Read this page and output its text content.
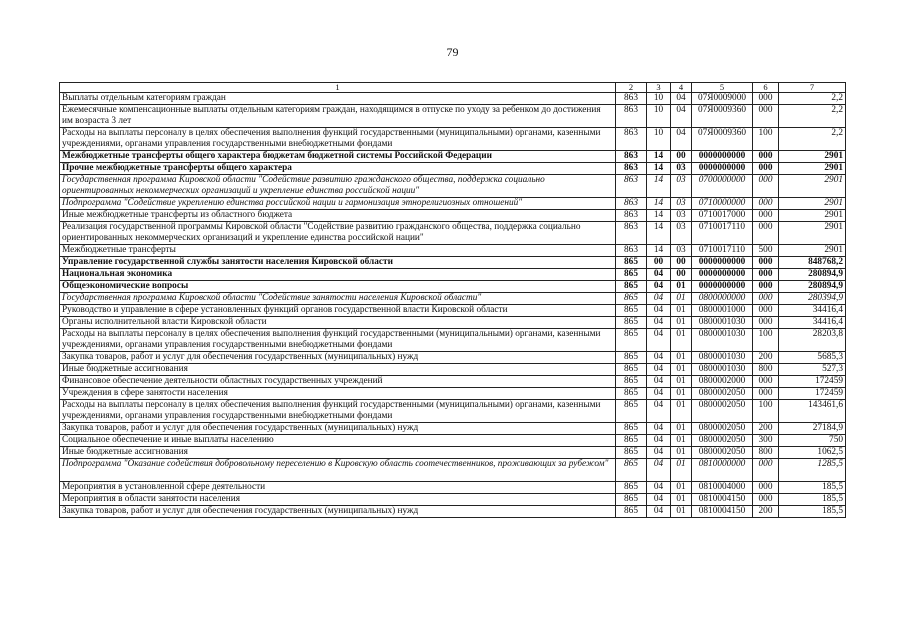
79
1	2	3	4	5	6	7
Выплаты отдельным категориям граждан	863	10	04	07Я0009000	000	2,2
Ежемесячные компенсационные выплаты отдельным категориям граждан, находящимся в отпуске по уходу за ребенком до достижения им возраста 3 лет	863	10	04	07Я0009360	000	2,2
Расходы на выплаты персоналу в целях обеспечения выполнения функций государственными (муниципальными) органами, казенными учреждениями, органами управления государственными внебюджетными фондами	863	10	04	07Я0009360	100	2,2
Межбюджетные трансферты общего характера бюджетам бюджетной системы Российской Федерации	863	14	00	0000000000	000	2901
Прочие межбюджетные трансферты общего характера	863	14	03	0000000000	000	2901
Государственная программа Кировской области "Содействие развитию гражданского общества, поддержка социально ориентированных некоммерческих организаций и укрепление единства российской нации"	863	14	03	0700000000	000	2901
Подпрограмма "Содействие укреплению единства российской нации и гармонизация этнорелигиозных отношений"	863	14	03	0710000000	000	2901
Иные межбюджетные трансферты из областного бюджета	863	14	03	0710017000	000	2901
Реализация государственной программы Кировской области "Содействие развитию гражданского общества, поддержка социально ориентированных некоммерческих организаций и укрепление единства российской нации"	863	14	03	0710017110	000	2901
Межбюджетные трансферты	863	14	03	0710017110	500	2901
Управление государственной службы занятости населения Кировской области	865	00	00	0000000000	000	848768,2
Национальная экономика	865	04	00	0000000000	000	280894,9
Общеэкономические вопросы	865	04	01	0000000000	000	280894,9
Государственная программа Кировской области "Содействие занятости населения Кировской области"	865	04	01	0800000000	000	280394,9
Руководство и управление в сфере установленных функций органов государственной власти Кировской области	865	04	01	0800001000	000	34416,4
Органы исполнительной власти Кировской области	865	04	01	0800001030	000	34416,4
Расходы на выплаты персоналу в целях обеспечения выполнения функций государственными (муниципальными) органами, казенными учреждениями, органами управления государственными внебюджетными фондами	865	04	01	0800001030	100	28203,8
Закупка товаров, работ и услуг для обеспечения государственных (муниципальных) нужд	865	04	01	0800001030	200	5685,3
Иные бюджетные ассигнования	865	04	01	0800001030	800	527,3
Финансовое обеспечение деятельности областных государственных учреждений	865	04	01	0800002000	000	172459
Учреждения в сфере занятости населения	865	04	01	0800002050	000	172459
Расходы на выплаты персоналу в целях обеспечения выполнения функций государственными (муниципальными) органами, казенными учреждениями, органами управления государственными внебюджетными фондами	865	04	01	0800002050	100	143461,6
Закупка товаров, работ и услуг для обеспечения государственных (муниципальных) нужд	865	04	01	0800002050	200	27184,9
Социальное обеспечение и иные выплаты населению	865	04	01	0800002050	300	750
Иные бюджетные ассигнования	865	04	01	0800002050	800	1062,5
Подпрограмма "Оказание содействия добровольному переселению в Кировскую область соотечественников, проживающих за рубежом"	865	04	01	0810000000	000	1285,5
Мероприятия в установленной сфере деятельности	865	04	01	0810004000	000	185,5
Мероприятия в области занятости населения	865	04	01	0810004150	000	185,5
Закупка товаров, работ и услуг для обеспечения государственных (муниципальных) нужд	865	04	01	0810004150	200	185,5
